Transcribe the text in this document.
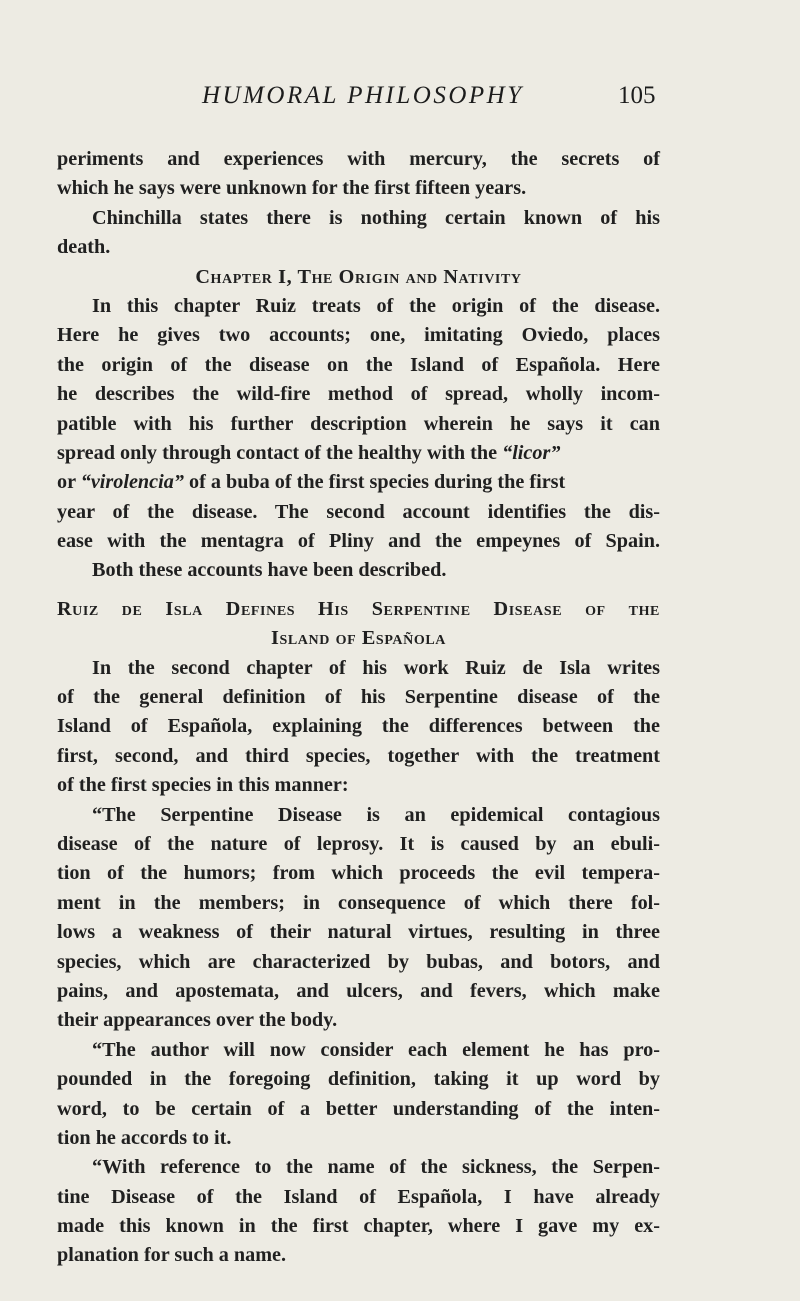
HUMORAL PHILOSOPHY	105
periments and experiences with mercury, the secrets of
which he says were unknown for the first fifteen years.
Chinchilla states there is nothing certain known of his
death.
Chapter I, The Origin and Nativity
In this chapter Ruiz treats of the origin of the disease.
Here he gives two accounts; one, imitating Oviedo, places
the origin of the disease on the Island of Española. Here
he describes the wild-fire method of spread, wholly incom-
patible with his further description wherein he says it can
spread only through contact of the healthy with the “licor”
or “virolencia” of a buba of the first species during the first
year of the disease. The second account identifies the dis-
ease with the mentagra of Pliny and the empeynes of Spain.
Both these accounts have been described.
Ruiz de Isla Defines His Serpentine Disease of the
Island of Española
In the second chapter of his work Ruiz de Isla writes
of the general definition of his Serpentine disease of the
Island of Española, explaining the differences between the
first, second, and third species, together with the treatment
of the first species in this manner:
“The Serpentine Disease is an epidemical contagious
disease of the nature of leprosy. It is caused by an ebuli-
tion of the humors; from which proceeds the evil tempera-
ment in the members; in consequence of which there fol-
lows a weakness of their natural virtues, resulting in three
species, which are characterized by bubas, and botors, and
pains, and apostemata, and ulcers, and fevers, which make
their appearances over the body.
“The author will now consider each element he has pro-
pounded in the foregoing definition, taking it up word by
word, to be certain of a better understanding of the inten-
tion he accords to it.
“With reference to the name of the sickness, the Serpen-
tine Disease of the Island of Española, I have already
made this known in the first chapter, where I gave my ex-
planation for such a name.
